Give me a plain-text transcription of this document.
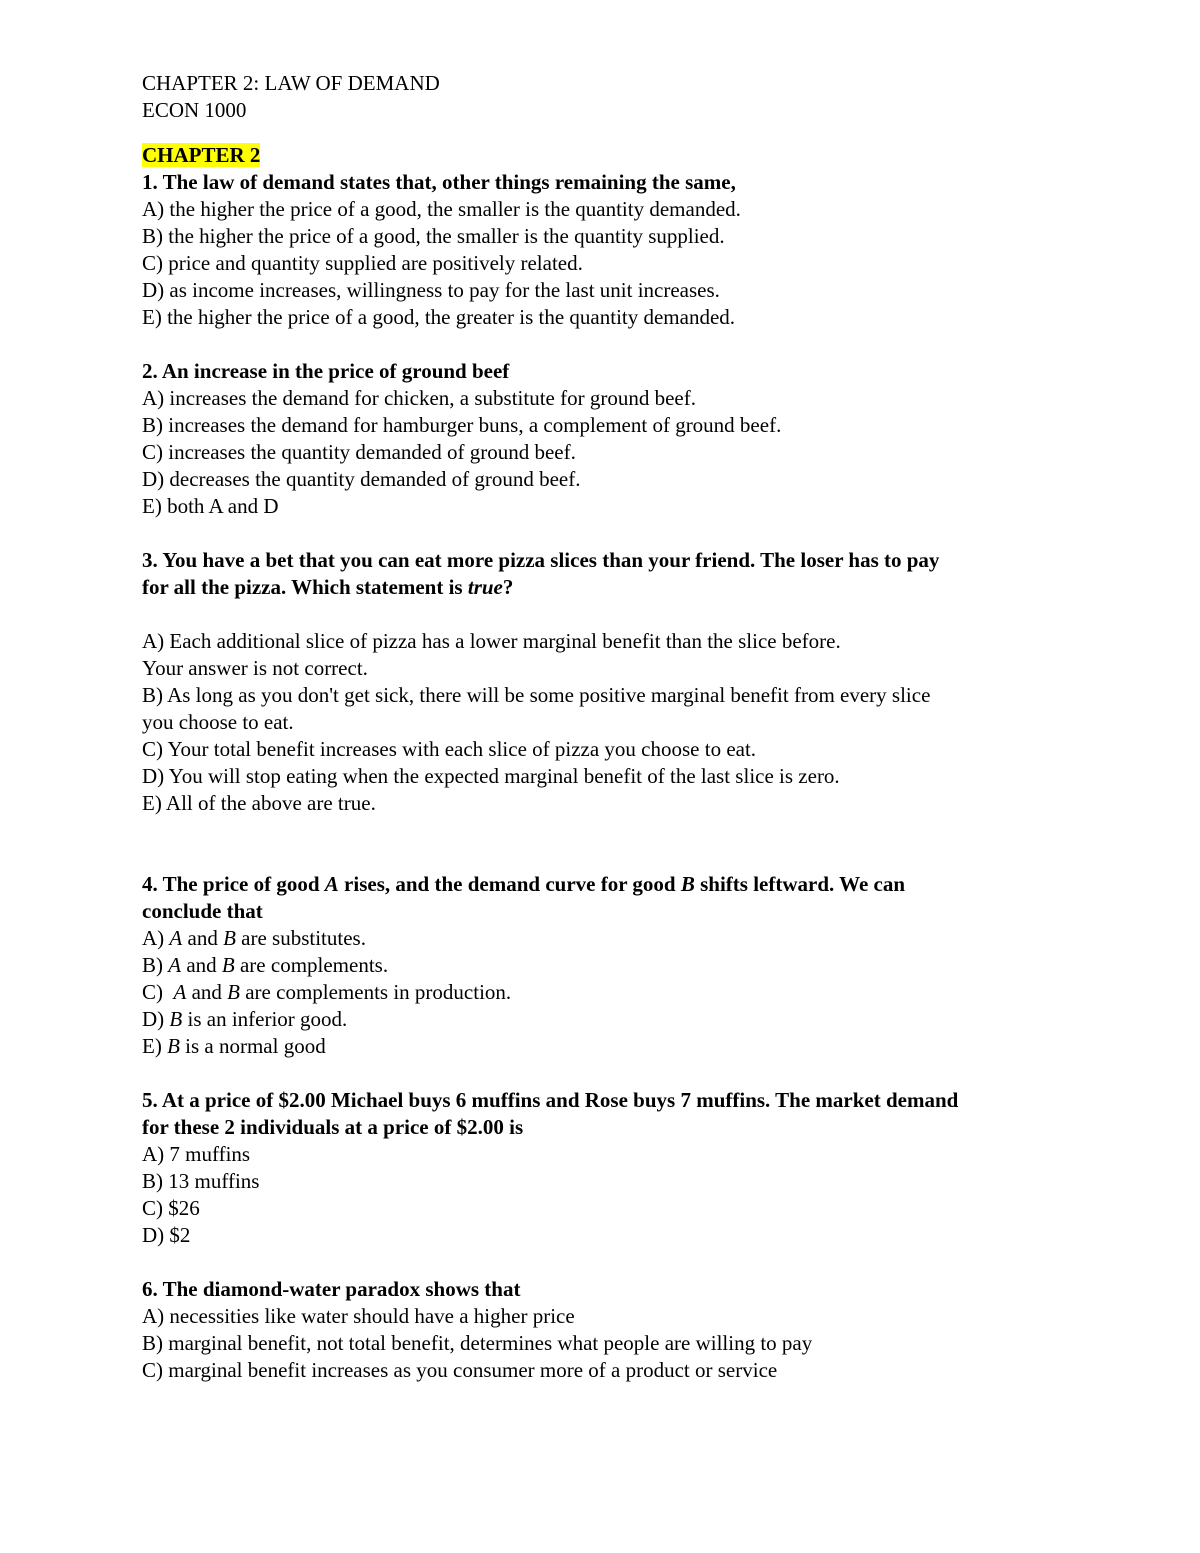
CHAPTER 2: LAW OF DEMAND
ECON 1000
CHAPTER 2
1. The law of demand states that, other things remaining the same,
A) the higher the price of a good, the smaller is the quantity demanded.
B) the higher the price of a good, the smaller is the quantity supplied.
C) price and quantity supplied are positively related.
D) as income increases, willingness to pay for the last unit increases.
E) the higher the price of a good, the greater is the quantity demanded.
2. An increase in the price of ground beef
A) increases the demand for chicken, a substitute for ground beef.
B) increases the demand for hamburger buns, a complement of ground beef.
C) increases the quantity demanded of ground beef.
D) decreases the quantity demanded of ground beef.
E) both A and D
3. You have a bet that you can eat more pizza slices than your friend. The loser has to pay
for all the pizza. Which statement is true?
A) Each additional slice of pizza has a lower marginal benefit than the slice before.
Your answer is not correct.
B) As long as you don't get sick, there will be some positive marginal benefit from every slice
you choose to eat.
C) Your total benefit increases with each slice of pizza you choose to eat.
D) You will stop eating when the expected marginal benefit of the last slice is zero.
E) All of the above are true.
4. The price of good A rises, and the demand curve for good B shifts leftward. We can
conclude that
A) A and B are substitutes.
B) A and B are complements.
C)  A and B are complements in production.
D) B is an inferior good.
E) B is a normal good
5. At a price of $2.00 Michael buys 6 muffins and Rose buys 7 muffins. The market demand
for these 2 individuals at a price of $2.00 is
A) 7 muffins
B) 13 muffins
C) $26
D) $2
6. The diamond-water paradox shows that
A) necessities like water should have a higher price
B) marginal benefit, not total benefit, determines what people are willing to pay
C) marginal benefit increases as you consumer more of a product or service
